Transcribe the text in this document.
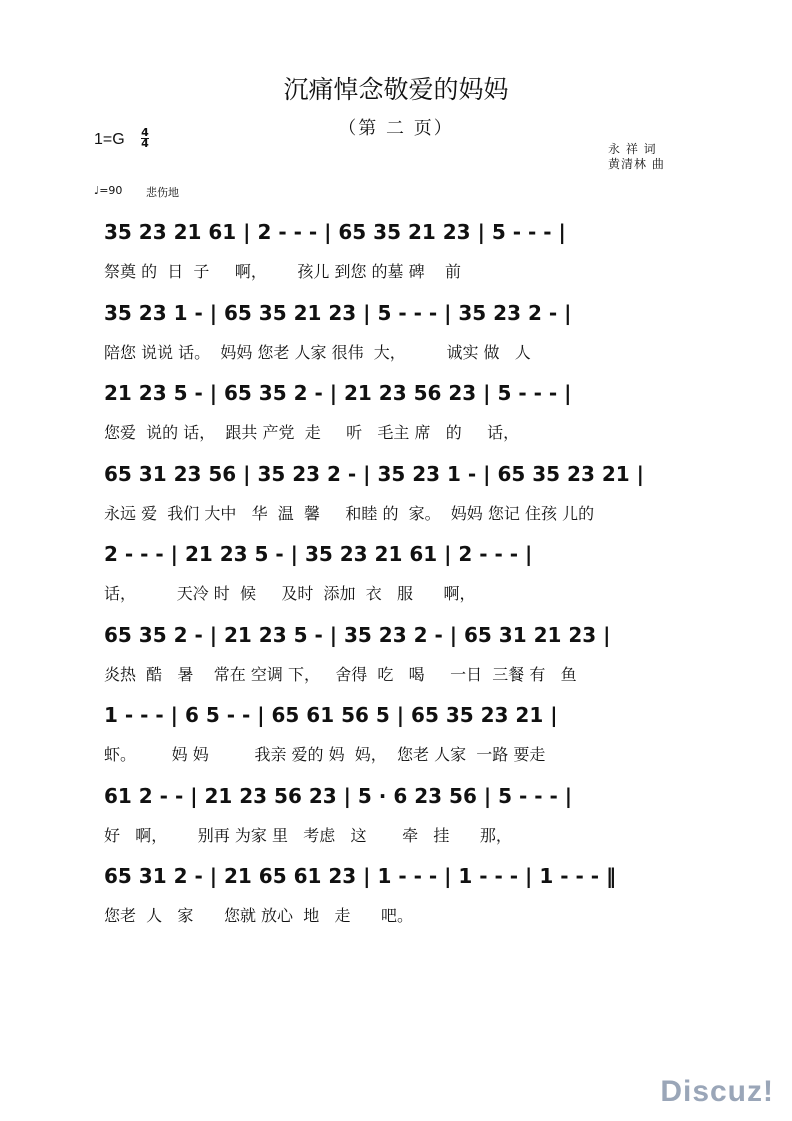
沉痛悼念敬爱的妈妈
（第 二 页）
1=G 4
4	永 祥 词
黄清林 曲
♩=90 悲伤地
35 23 21 61 | 2 - - - | 65 35 21 23 | 5 - - - |
祭奠 的  日  子     啊，      孩儿 到您 的墓 碑    前
35 23 1 - | 65 35 21 23 | 5 - - - | 35 23 2 - |
陪您 说说 话。  妈妈 您老 人家 很伟  大，        诚实 做   人
21 23 5 - | 65 35 2 - | 21 23 56 23 | 5 - - - |
您爱  说的 话，  跟共 产党  走     听   毛主 席   的     话，
65 31 23 56 | 35 23 2 - | 35 23 1 - | 65 35 23 21 |
永远 爱  我们 大中   华  温  馨     和睦 的  家。  妈妈 您记 住孩 儿的
2 - - - | 21 23 5 - | 35 23 21 61 | 2 - - - |
话，        天冷 时  候     及时  添加  衣   服      啊，
65 35 2 - | 21 23 5 - | 35 23 2 - | 65 31 21 23 |
炎热  酷   暑    常在 空调 下，   舍得  吃   喝     一日  三餐 有   鱼
1 - - - | 6 5 - - | 65 61 56 5 | 65 35 23 21 |
虾。       妈 妈         我亲 爱的 妈  妈，  您老 人家  一路 要走
61 2 - - | 21 23 56 23 | 5 · 6 23 56 | 5 - - - |
好   啊，      别再 为家 里   考虑   这       牵   挂      那，
65 31 2 - | 21 65 61 23 | 1 - - - | 1 - - - | 1 - - - ‖
您老  人   家      您就 放心  地   走      吧。
Discuz!
